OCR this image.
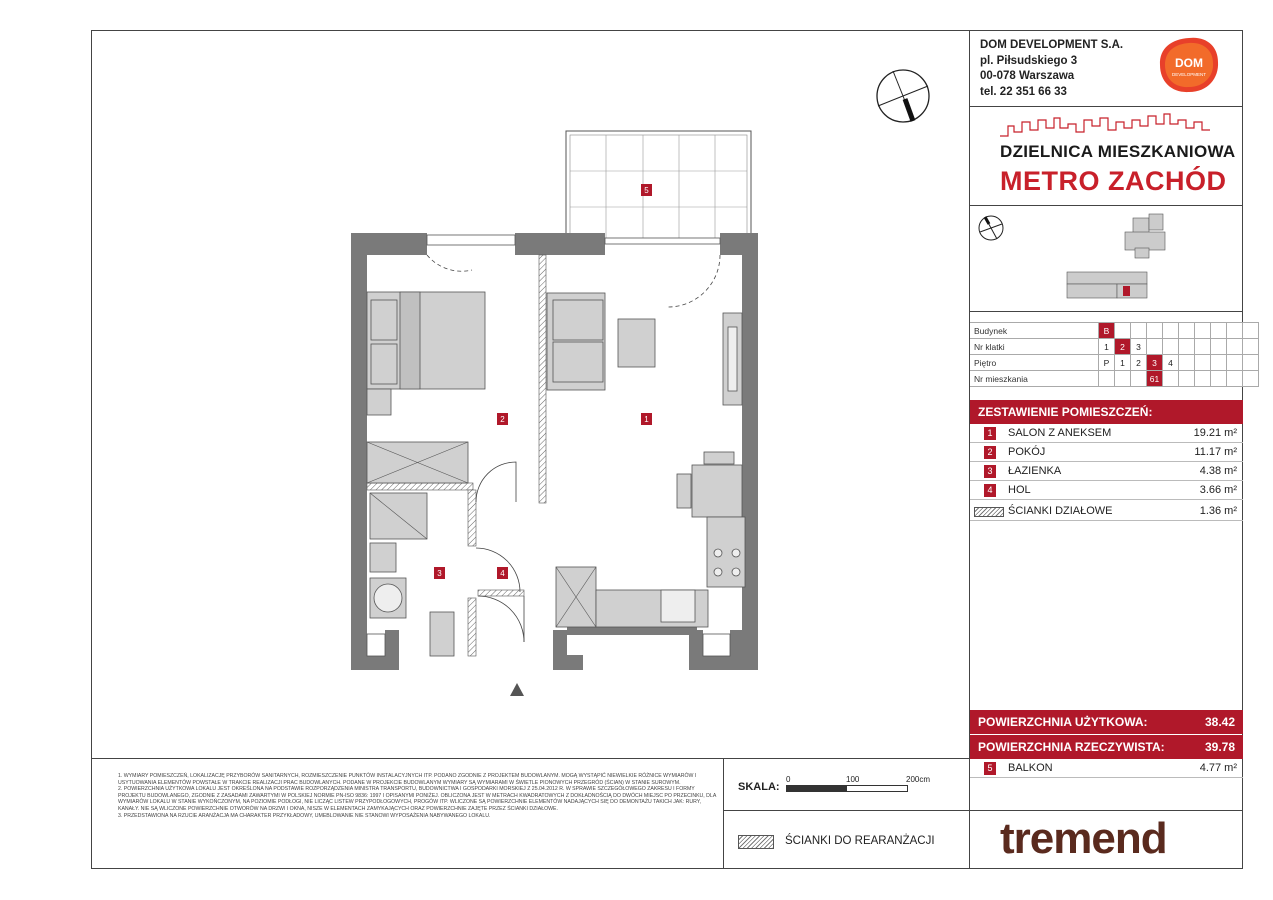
DOM DEVELOPMENT S.A.
pl. Piłsudskiego 3
00-078 Warszawa
tel. 22 351 66 33
DOM
DEVELOPMENT
DZIELNICA MIESZKANIOWA
METRO ZACHÓD
Budynek	B									
Nr klatki	1	2	3							
Piętro	P	1	2	3	4					
Nr mieszkania				61						
ZESTAWIENIE POMIESZCZEŃ:
1	SALON Z ANEKSEM	19.21 m²
2	POKÓJ	11.17 m²
3	ŁAZIENKA	4.38 m²
4	HOL	3.66 m²
ŚCIANKI DZIAŁOWE	1.36 m²
POWIERZCHNIA UŻYTKOWA:	38.42
POWIERZCHNIA RZECZYWISTA:	39.78
5	BALKON	4.77 m²

1. WYMIARY POMIESZCZEŃ, LOKALIZACJĘ PRZYBORÓW SANITARNYCH, ROZMIESZCZENIE PUNKTÓW INSTALACYJNYCH ITP. PODANO ZGODNIE Z PROJEKTEM BUDOWLANYM. MOGĄ WYSTĄPIĆ NIEWIELKIE RÓŻNICE WYMIARÓW I USYTUOWANIA ELEMENTÓW POWSTAŁE W TRAKCIE REALIZACJI PRAC BUDOWLANYCH. PODANE W PROJEKCIE BUDOWLANYM WYMIARY SĄ WYMIARAMI W ŚWIETLE PIONOWYCH PRZEGRÓD (ŚCIAN) W STANIE SUROWYM.

2. POWIERZCHNIA UŻYTKOWA LOKALU JEST OKREŚLONA NA PODSTAWIE ROZPORZĄDZENIA MINISTRA TRANSPORTU, BUDOWNICTWA I GOSPODARKI MORSKIEJ Z 25.04.2012 R. W SPRAWIE SZCZEGÓŁOWEGO ZAKRESU I FORMY PROJEKTU BUDOWLANEGO, ZGODNIE Z ZASADAMI ZAWARTYMI W POLSKIEJ NORMIE PN-ISO 9836: 1997 I OPISANYMI PONIŻEJ. OBLICZONA JEST W METRACH KWADRATOWYCH Z DOKŁADNOŚCIĄ DO DWÓCH MIEJSC PO PRZECINKU, DLA WYMIARÓW LOKALU W STANIE WYKOŃCZONYM, NA POZIOMIE PODŁOGI, NIE LICZĄC LISTEW PRZYPODŁOGOWYCH, PROGÓW ITP. WLICZONE SĄ POWIERZCHNIE ELEMENTÓW NADAJĄCYCH SIĘ DO DEMONTAŻU TAKICH JAK: RURY, KANAŁY. NIE SĄ WLICZONE POWIERZCHNIE OTWORÓW NA DRZWI I OKNA, NISZE W ELEMENTACH ZAMYKAJĄCYCH ORAZ POWIERZCHNIE ZAJĘTE PRZEZ ŚCIANKI DZIAŁOWE.

3. PRZEDSTAWIONA NA RZUCIE ARANŻACJA MA CHARAKTER PRZYKŁADOWY, UMEBLOWANIE NIE STANOWI WYPOSAŻENIA NABYWANEGO LOKALU.

SKALA:
0	100	200cm
ŚCIANKI DO REARANŻACJI tremend
2	1
3	4
5
